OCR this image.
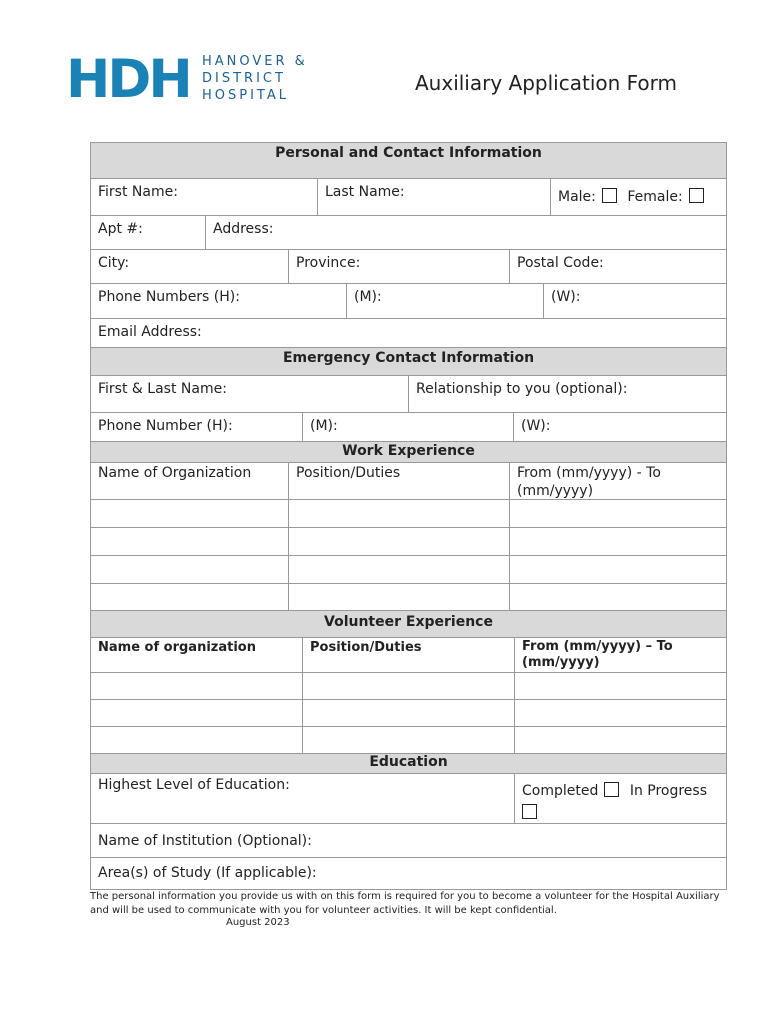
HDH HANOVER &
DISTRICT
HOSPITAL
Auxiliary Application Form
Personal and Contact Information
First Name:	Last Name:	Male: Female:
Apt #:	Address:
City:	Province:	Postal Code:
Phone Numbers (H):	(M):	(W):
Email Address:
Emergency Contact Information
First & Last Name:	Relationship to you (optional):
Phone Number (H):	(M):	(W):
Work Experience
Name of Organization	Position/Duties	From (mm/yyyy) - To (mm/yyyy)
Volunteer Experience
Name of organization	Position/Duties	From (mm/yyyy) – To (mm/yyyy)
Education
Highest Level of Education:	Completed In Progress

Name of Institution (Optional):
Area(s) of Study (If applicable):
The personal information you provide us with on this form is required for you to become a volunteer for the Hospital Auxiliary and will be used to communicate with you for volunteer activities. It will be kept confidential.
August 2023
